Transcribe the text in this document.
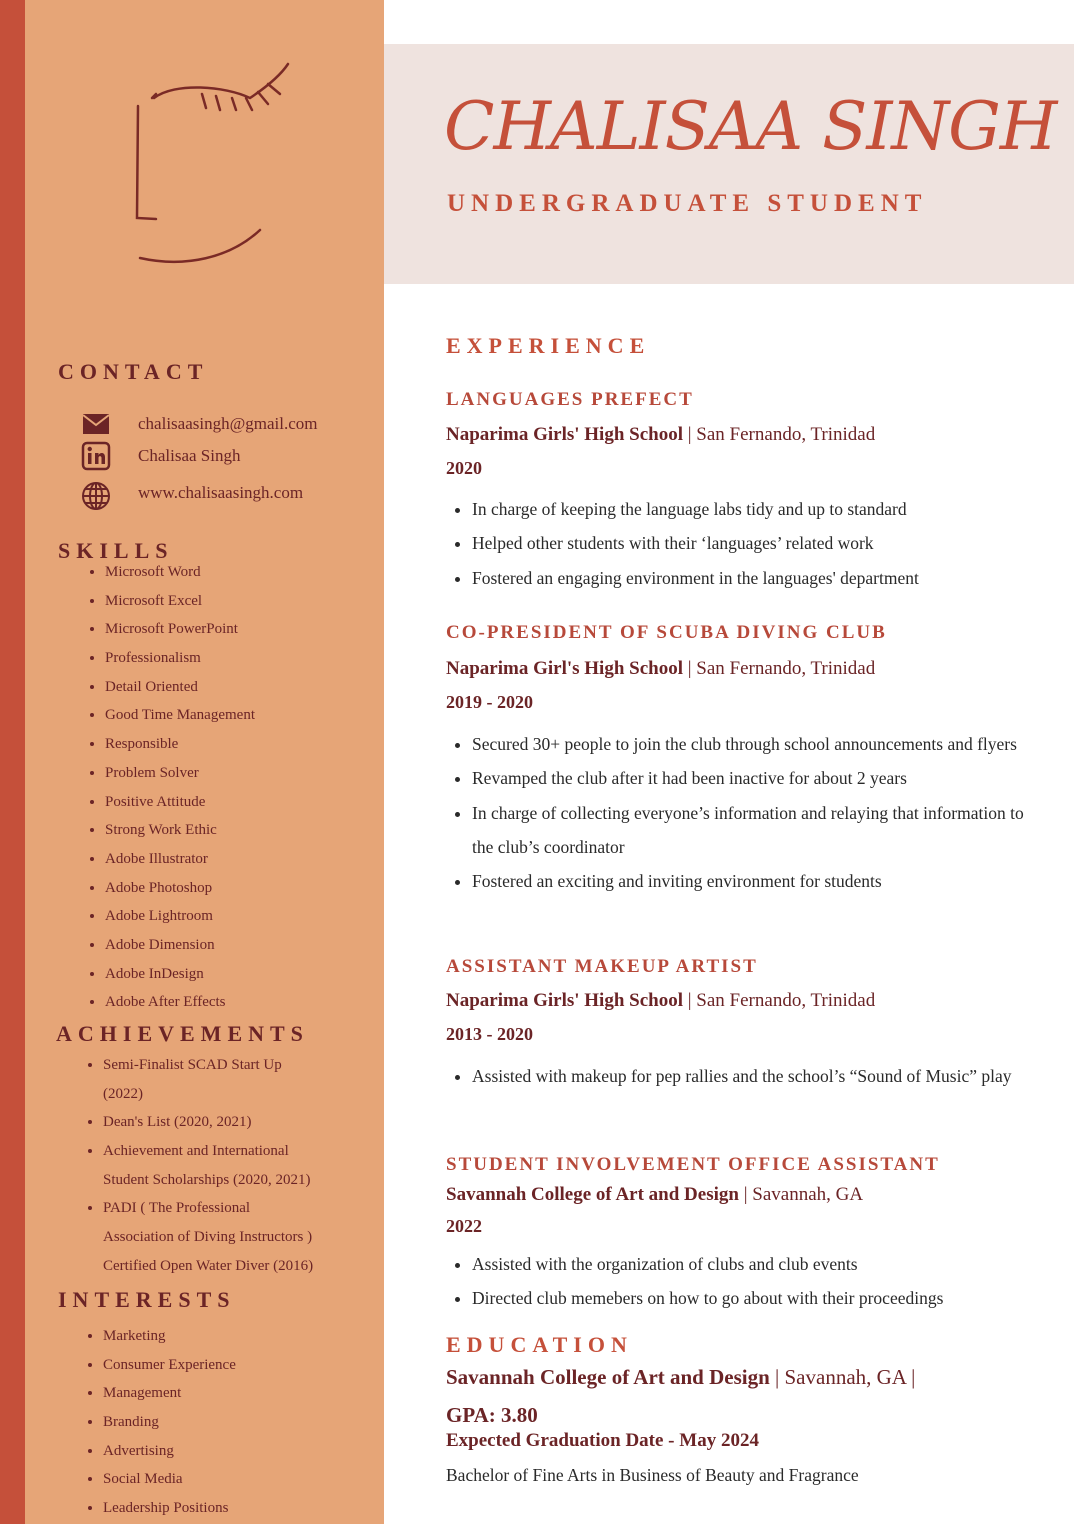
CHALISAA SINGH
UNDERGRADUATE STUDENT
CONTACT
chalisaasingh@gmail.com
Chalisaa Singh
www.chalisaasingh.com
SKILLS
• Microsoft Word
• Microsoft Excel
• Microsoft PowerPoint
• Professionalism
• Detail Oriented
• Good Time Management
• Responsible
• Problem Solver
• Positive Attitude
• Strong Work Ethic
• Adobe Illustrator
• Adobe Photoshop
• Adobe Lightroom
• Adobe Dimension
• Adobe InDesign
• Adobe After Effects
ACHIEVEMENTS
• Semi-Finalist SCAD Start Up
(2022)
• Dean's List (2020, 2021)
• Achievement and International
Student Scholarships (2020, 2021)
• PADI ( The Professional
Association of Diving Instructors )
Certified Open Water Diver (2016)
INTERESTS
• Marketing
• Consumer Experience
• Management
• Branding
• Advertising
• Social Media
• Leadership Positions
EXPERIENCE
LANGUAGES PREFECT

Naparima Girls' High School | San Fernando, Trinidad

2020

• In charge of keeping the language labs tidy and up to standard
• Helped other students with their ‘languages’ related work
• Fostered an engaging environment in the languages' department
CO-PRESIDENT OF SCUBA DIVING CLUB

Naparima Girl's High School | San Fernando, Trinidad

2019 - 2020

• Secured 30+ people to join the club through school announcements and flyers
• Revamped the club after it had been inactive for about 2 years
• In charge of collecting everyone’s information and relaying that information to the club’s coordinator
• Fostered an exciting and inviting environment for students
ASSISTANT MAKEUP ARTIST

Naparima Girls' High School | San Fernando, Trinidad

2013 - 2020

• Assisted with makeup for pep rallies and the school’s “Sound of Music” play
STUDENT INVOLVEMENT OFFICE ASSISTANT

Savannah College of Art and Design | Savannah, GA

2022

• Assisted with the organization of clubs and club events
• Directed club memebers on how to go about with their proceedings
EDUCATION

Savannah College of Art and Design | Savannah, GA |

GPA: 3.80

Expected Graduation Date - May 2024

Bachelor of Fine Arts in Business of Beauty and Fragrance
